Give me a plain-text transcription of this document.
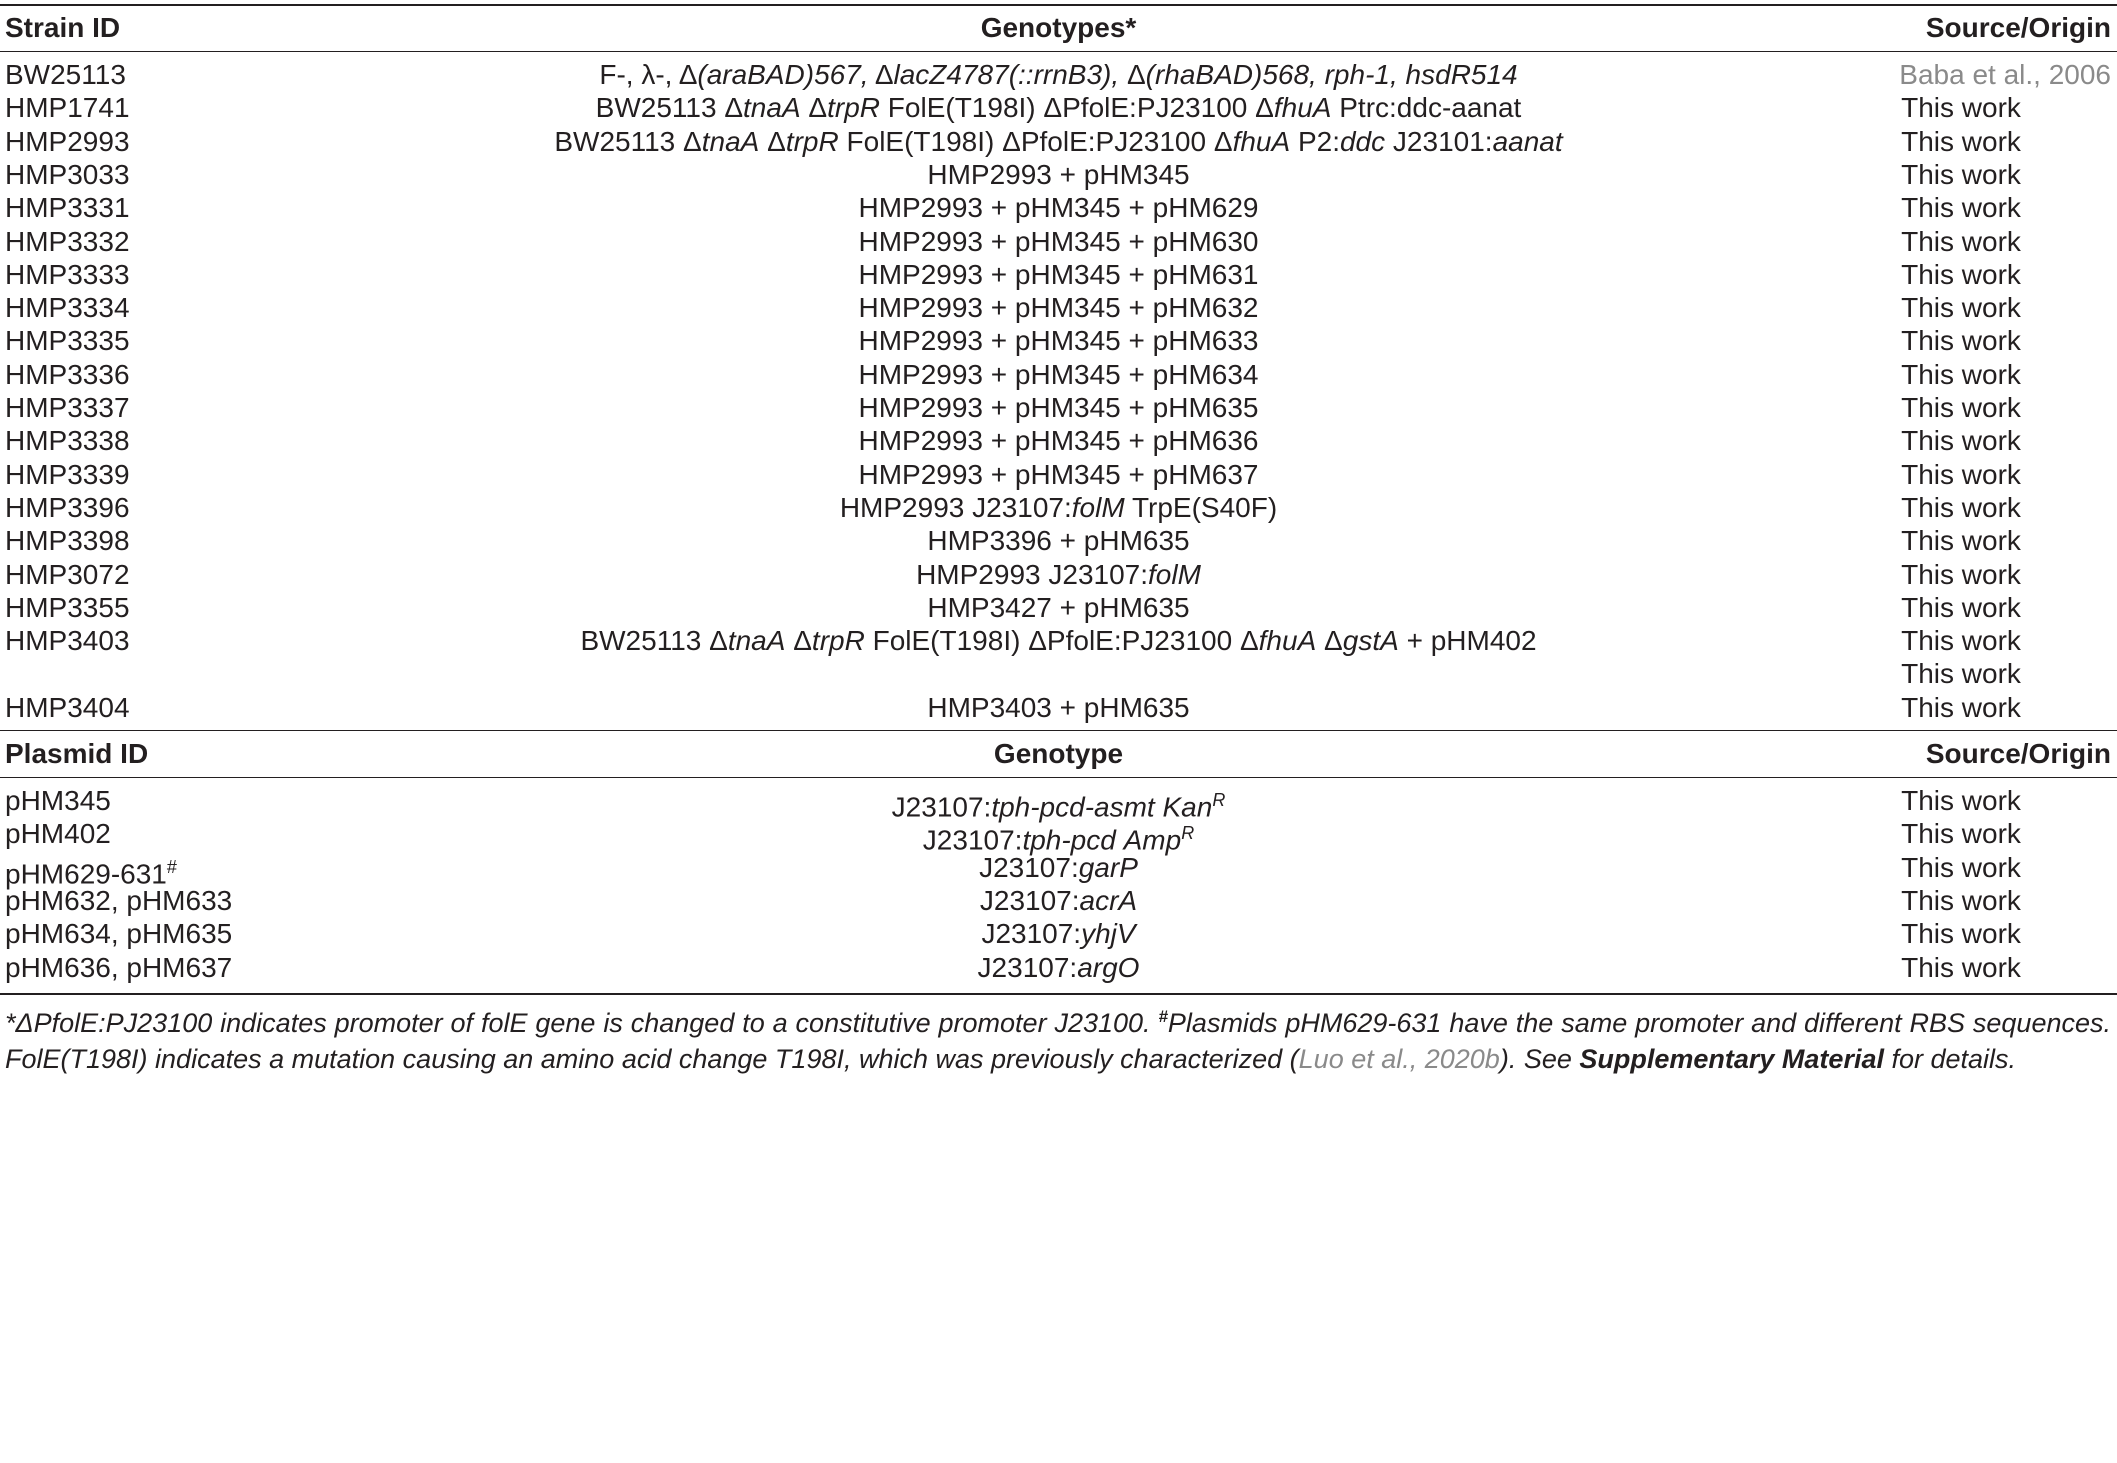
Strain ID	Genotypes*	Source/Origin
BW25113	F-, λ-, Δ(araBAD)567, ΔlacZ4787(::rrnB3), Δ(rhaBAD)568, rph-1, hsdR514	Baba et al., 2006
HMP1741	BW25113 ΔtnaA ΔtrpR FolE(T198I) ΔPfolE:PJ23100 ΔfhuA Ptrc:ddc-aanat	This work
HMP2993	BW25113 ΔtnaA ΔtrpR FolE(T198I) ΔPfolE:PJ23100 ΔfhuA P2:ddc J23101:aanat	This work
HMP3033	HMP2993 + pHM345	This work
HMP3331	HMP2993 + pHM345 + pHM629	This work
HMP3332	HMP2993 + pHM345 + pHM630	This work
HMP3333	HMP2993 + pHM345 + pHM631	This work
HMP3334	HMP2993 + pHM345 + pHM632	This work
HMP3335	HMP2993 + pHM345 + pHM633	This work
HMP3336	HMP2993 + pHM345 + pHM634	This work
HMP3337	HMP2993 + pHM345 + pHM635	This work
HMP3338	HMP2993 + pHM345 + pHM636	This work
HMP3339	HMP2993 + pHM345 + pHM637	This work
HMP3396	HMP2993 J23107:folM TrpE(S40F)	This work
HMP3398	HMP3396 + pHM635	This work
HMP3072	HMP2993 J23107:folM	This work
HMP3355	HMP3427 + pHM635	This work
HMP3403	BW25113 ΔtnaA ΔtrpR FolE(T198I) ΔPfolE:PJ23100 ΔfhuA ΔgstA + pHM402	This work
This work
HMP3404	HMP3403 + pHM635	This work
Plasmid ID	Genotype	Source/Origin
pHM345	J23107:tph-pcd-asmt Kan$^R$	This work
pHM402	J23107:tph-pcd Amp$^R$	This work
pHM629-631#	J23107:garP	This work
pHM632, pHM633	J23107:acrA	This work
pHM634, pHM635	J23107:yhjV	This work
pHM636, pHM637	J23107:argO	This work
*ΔPfolE:PJ23100 indicates promoter of folE gene is changed to a constitutive promoter J23100. #Plasmids pHM629-631 have the same promoter and different RBS sequences. FolE(T198I) indicates a mutation causing an amino acid change T198I, which was previously characterized (Luo et al., 2020b). See Supplementary Material for details.
